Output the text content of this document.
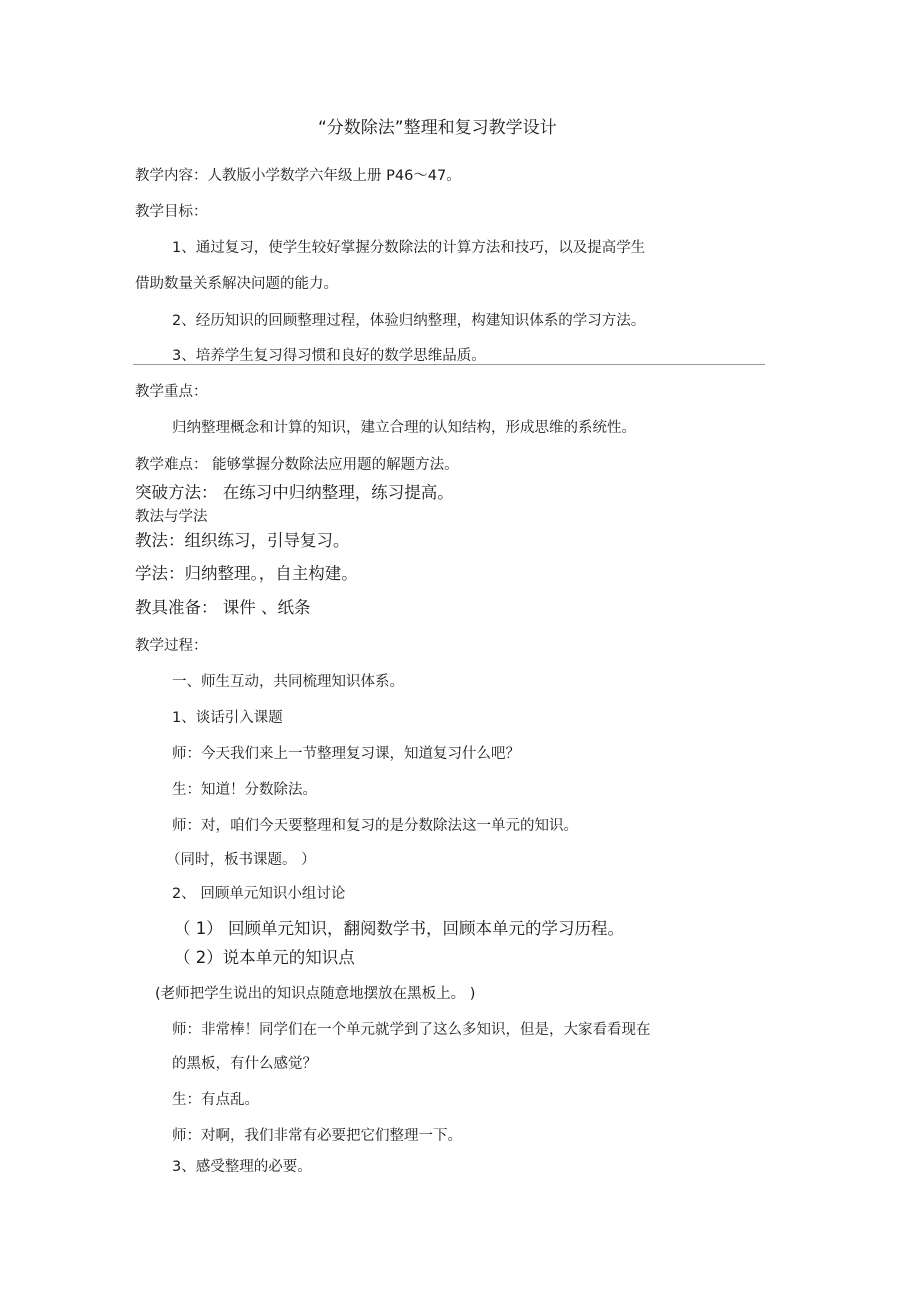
“分数除法”整理和复习教学设计
教学内容：人教版小学数学六年级上册 P46～47。
教学目标：
1、通过复习，使学生较好掌握分数除法的计算方法和技巧，以及提高学生
借助数量关系解决问题的能力。
2、经历知识的回顾整理过程，体验归纳整理，构建知识体系的学习方法。
3、培养学生复习得习惯和良好的数学思维品质。
教学重点：
归纳整理概念和计算的知识，建立合理的认知结构，形成思维的系统性。
教学难点： 能够掌握分数除法应用题的解题方法。
突破方法： 在练习中归纳整理，练习提高。
教法与学法
教法：组织练习，引导复习。
学法：归纳整理。，自主构建。
教具准备： 课件 、纸条
教学过程：
一、师生互动，共同梳理知识体系。
1、谈话引入课题
师：今天我们来上一节整理复习课，知道复习什么吧？
生：知道！分数除法。
师：对，咱们今天要整理和复习的是分数除法这一单元的知识。
（同时，板书课题。 ）
2、 回顾单元知识小组讨论
（ 1） 回顾单元知识，翻阅数学书，回顾本单元的学习历程。
（ 2）说本单元的知识点
(老师把学生说出的知识点随意地摆放在黑板上。 )
师：非常棒！同学们在一个单元就学到了这么多知识，但是，大家看看现在
的黑板，有什么感觉？
生：有点乱。
师：对啊，我们非常有必要把它们整理一下。
3、感受整理的必要。
